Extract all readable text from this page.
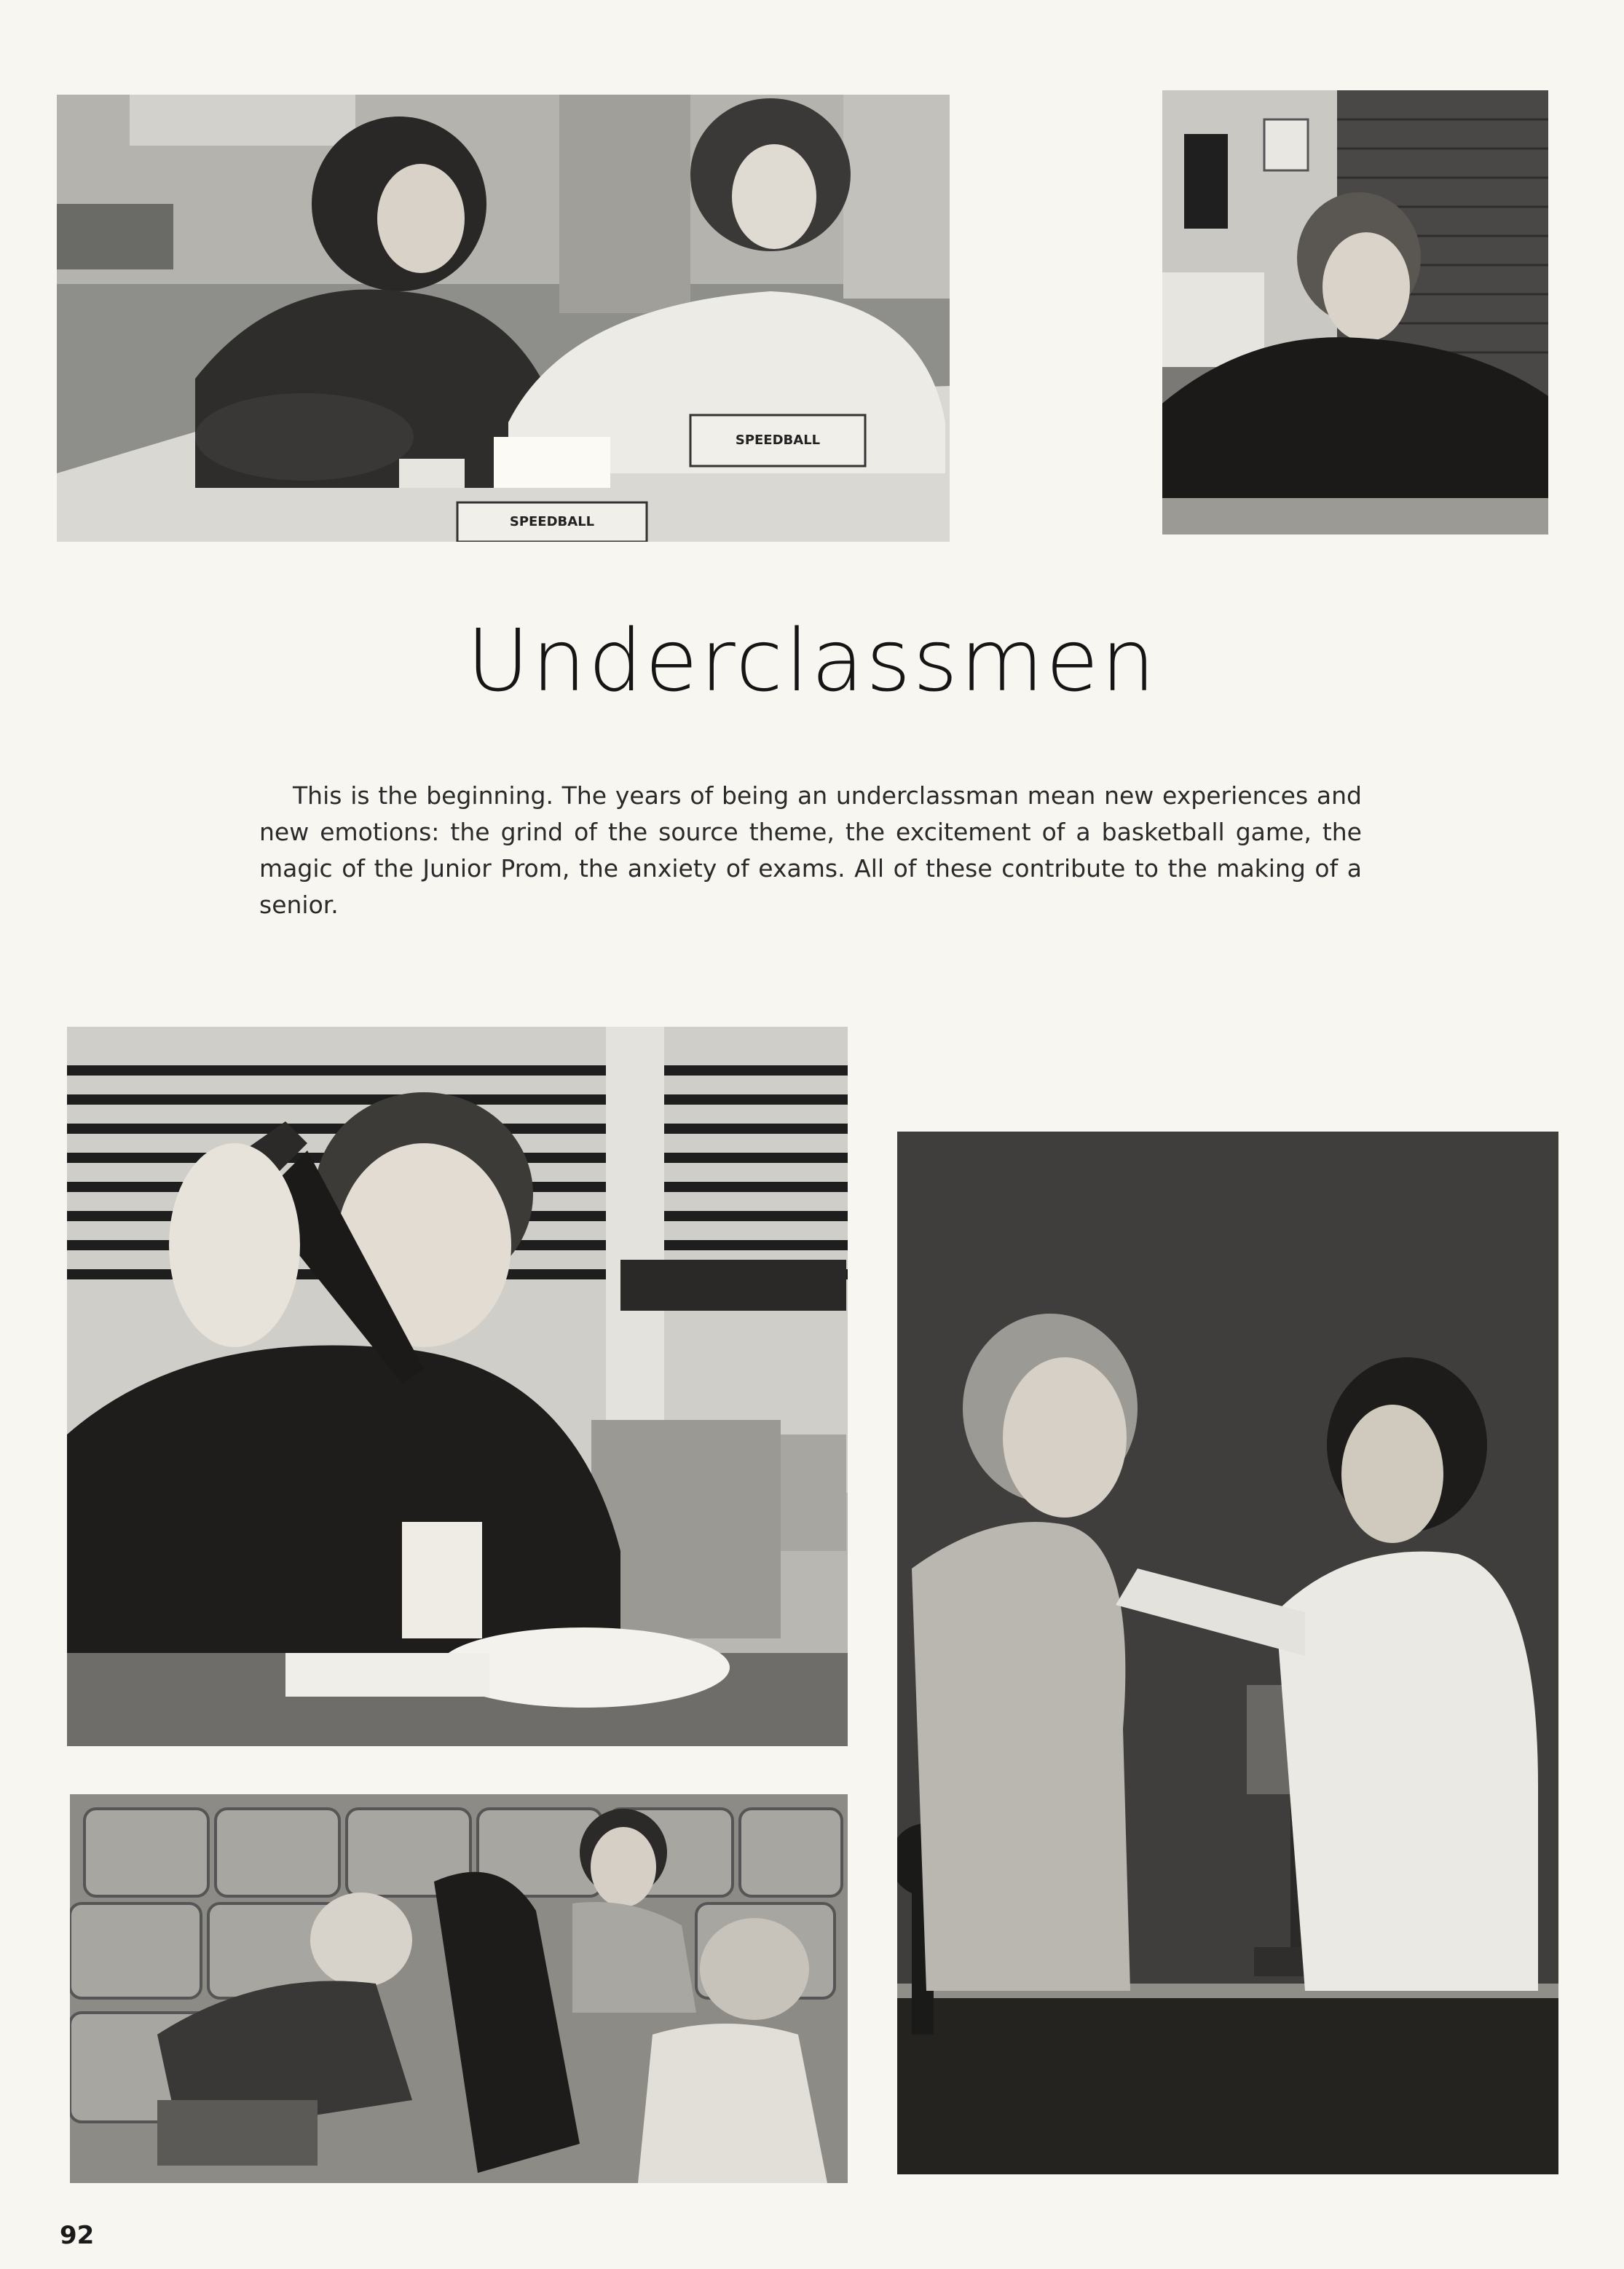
SPEEDBALL
SPEEDBALL
Underclassmen

This is the beginning. The years of being an underclassman mean new experiences and new emotions: the grind of the source theme, the excitement of a basketball game, the magic of the Junior Prom, the anxiety of exams. All of these contribute to the making of a senior.

92
